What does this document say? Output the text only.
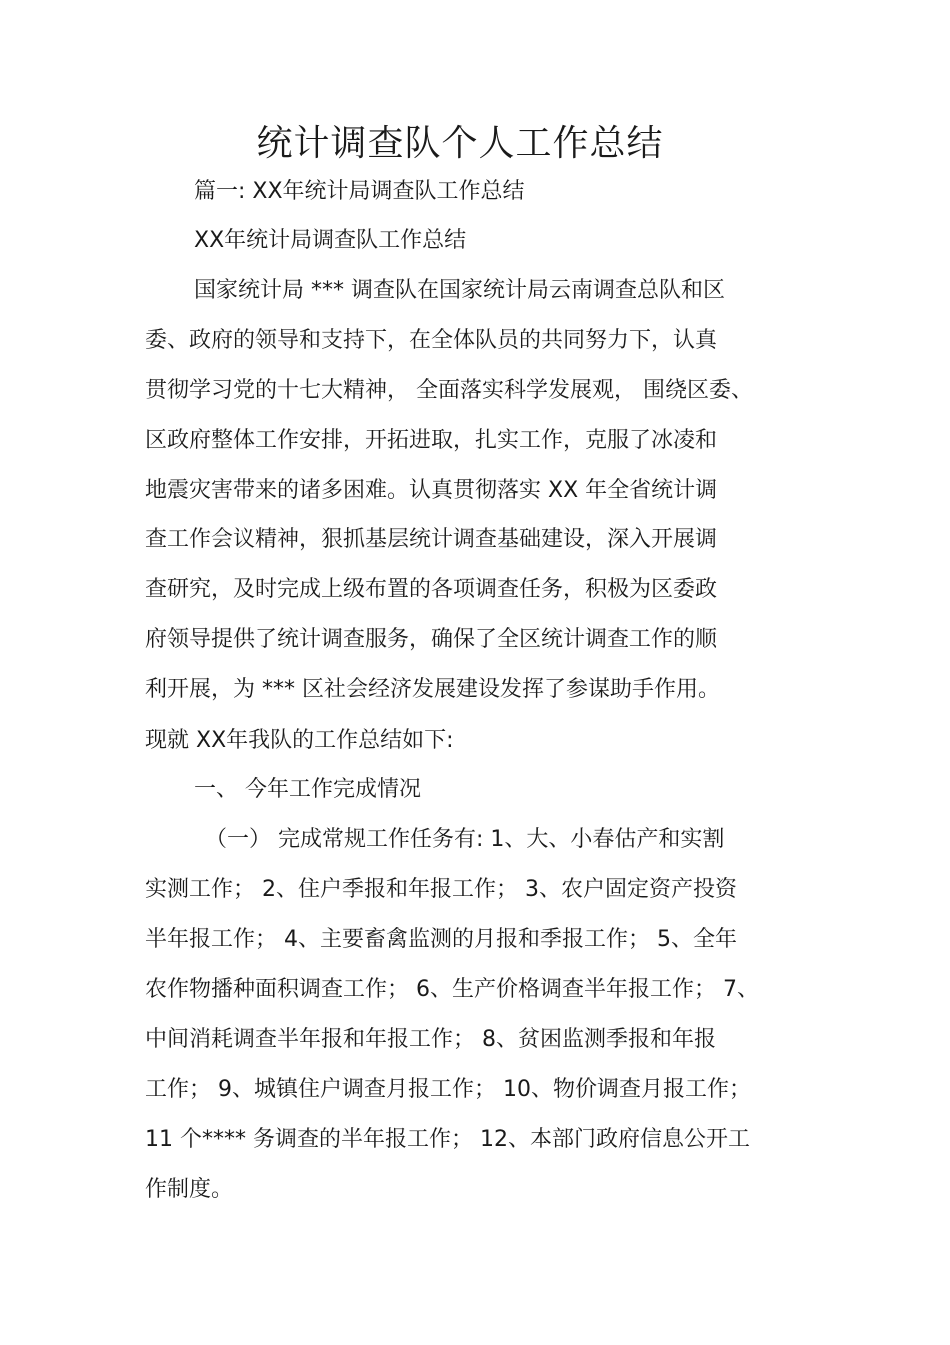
统计调查队个人工作总结

篇一: XX年统计局调查队工作总结

XX年统计局调查队工作总结

国家统计局 *** 调查队在国家统计局云南调查总队和区

委、政府的领导和支持下，在全体队员的共同努力下，认真

贯彻学习党的十七大精神， 全面落实科学发展观， 围绕区委、

区政府整体工作安排，开拓进取，扎实工作，克服了冰凌和

地震灾害带来的诸多困难。认真贯彻落实 XX 年全省统计调

查工作会议精神，狠抓基层统计调查基础建设，深入开展调

查研究，及时完成上级布置的各项调查任务，积极为区委政

府领导提供了统计调查服务，确保了全区统计调查工作的顺

利开展，为 *** 区社会经济发展建设发挥了参谋助手作用。

现就 XX年我队的工作总结如下:

一、 今年工作完成情况

（一） 完成常规工作任务有: 1、大、小春估产和实割

实测工作； 2、住户季报和年报工作； 3、农户固定资产投资

半年报工作； 4、主要畜禽监测的月报和季报工作； 5、全年

农作物播种面积调查工作； 6、生产价格调查半年报工作； 7、

中间消耗调查半年报和年报工作； 8、贫困监测季报和年报

工作； 9、城镇住户调查月报工作； 10、物价调查月报工作；

11 个**** 务调查的半年报工作； 12、本部门政府信息公开工

作制度。
